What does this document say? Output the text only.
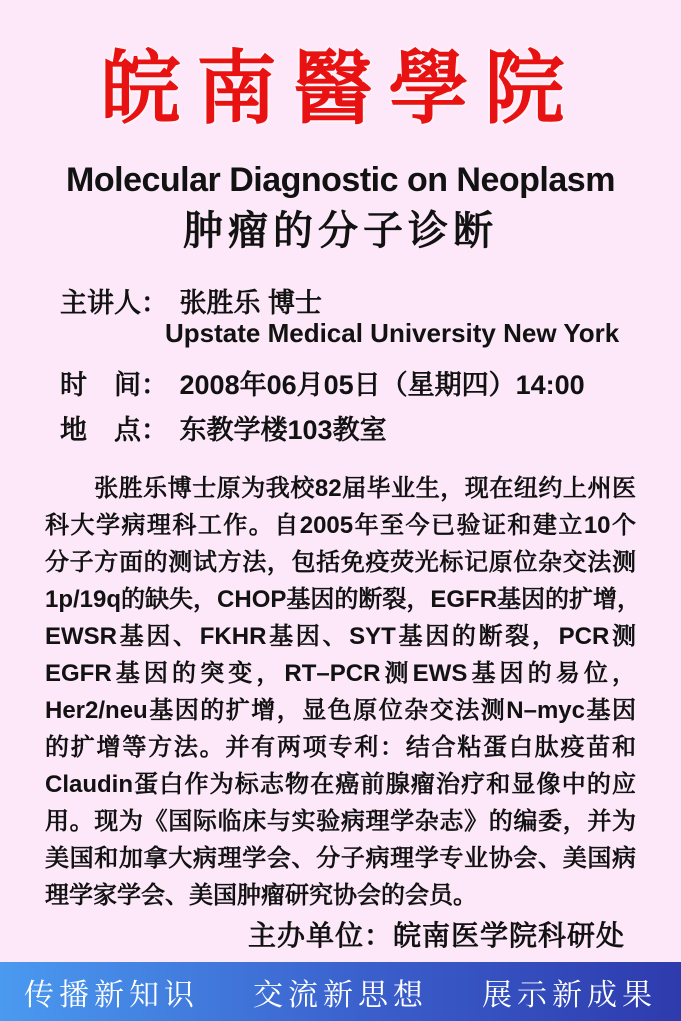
皖南醫學院
Molecular Diagnostic on Neoplasm
肿瘤的分子诊断
主讲人： 张胜乐 博士
Upstate Medical University New York
时　间： 2008年06月05日（星期四）14:00
地　点： 东教学楼103教室
　　张胜乐博士原为我校82届毕业生，现在纽约上州医
科大学病理科工作。自2005年至今已验证和建立10个
分子方面的测试方法，包括免疫荧光标记原位杂交法测
1p/19q的缺失，CHOP基因的断裂，EGFR基因的扩增，
EWSR基因、FKHR基因、SYT基因的断裂，PCR测
EGFR基因的突变，RT–PCR测EWS基因的易位，
Her2/neu基因的扩增，显色原位杂交法测N–myc基因
的扩增等方法。并有两项专利：结合粘蛋白肽疫苗和
Claudin蛋白作为标志物在癌前腺瘤治疗和显像中的应
用。现为《国际临床与实验病理学杂志》的编委，并为
美国和加拿大病理学会、分子病理学专业协会、美国病
理学家学会、美国肿瘤研究协会的会员。
主办单位：皖南医学院科研处
传播新知识 交流新思想 展示新成果
